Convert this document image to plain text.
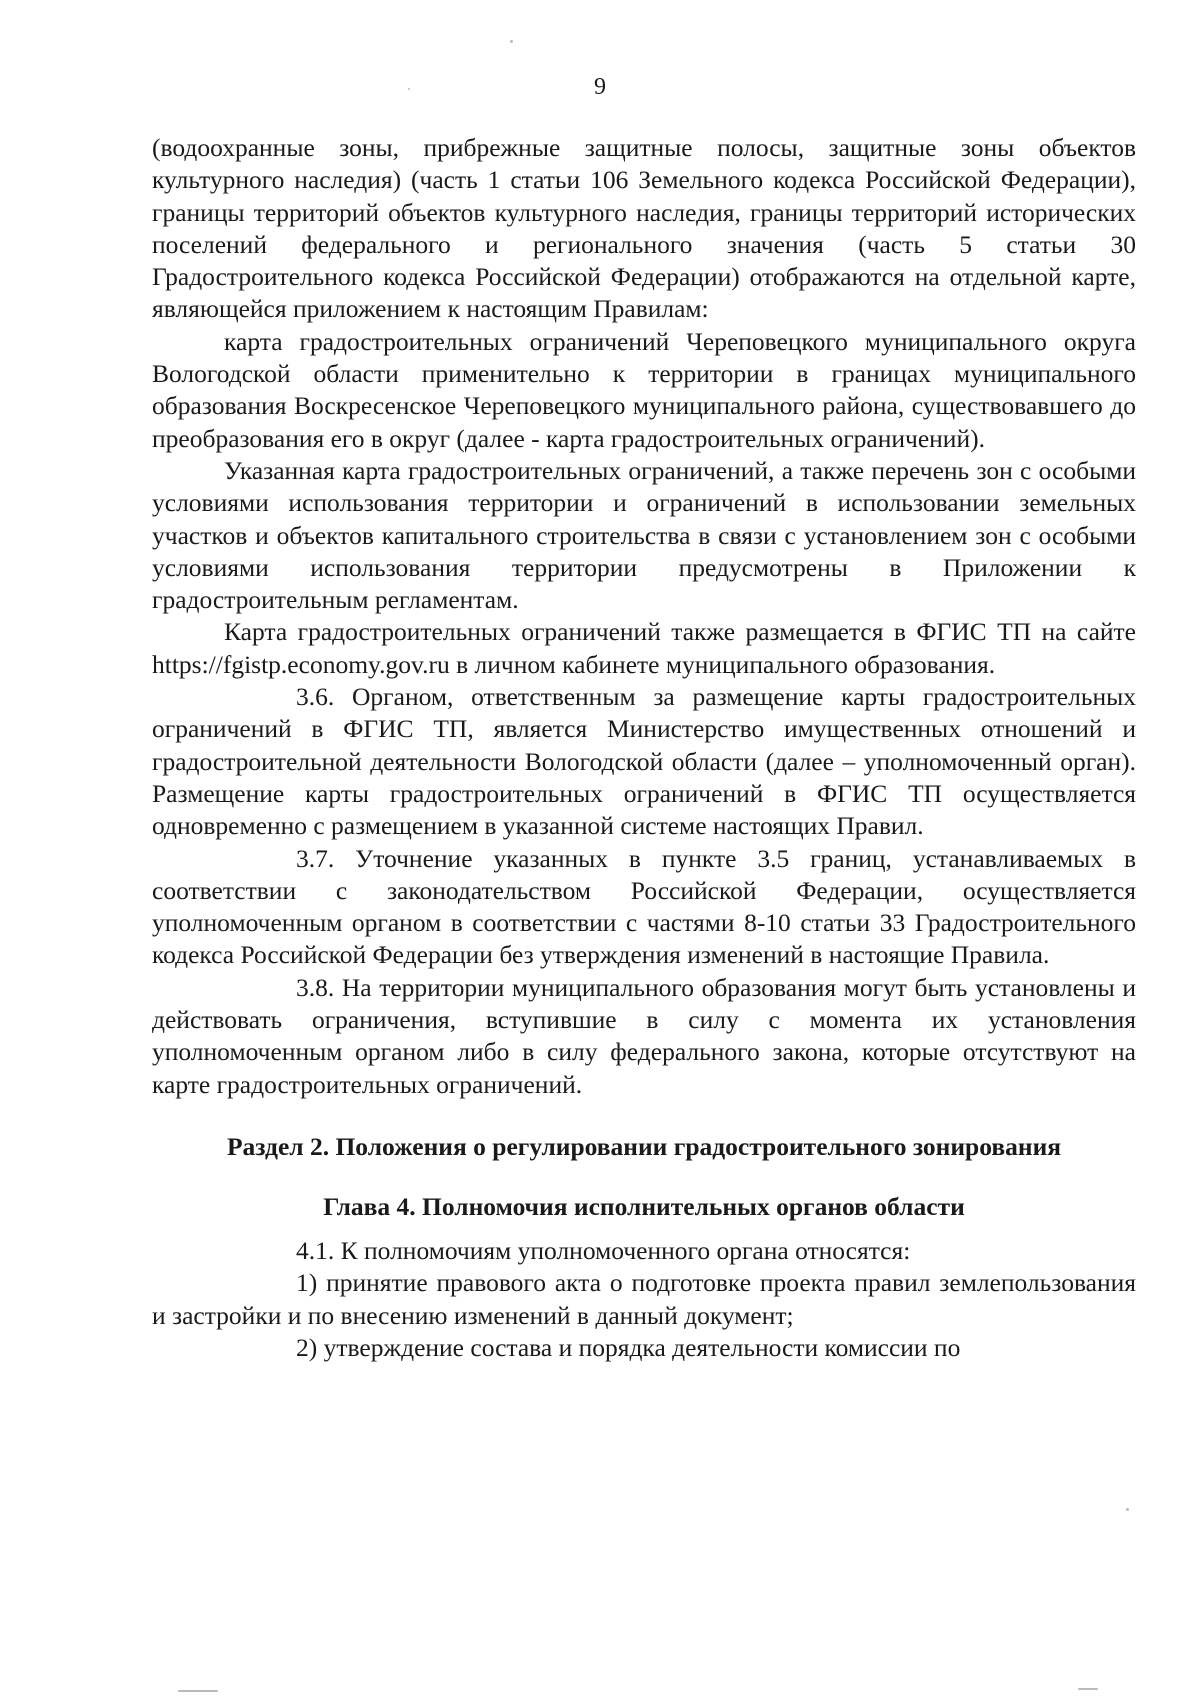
9

(водоохранные зоны, прибрежные защитные полосы, защитные зоны объектов культурного наследия) (часть 1 статьи 106 Земельного кодекса Российской Федерации), границы территорий объектов культурного наследия, границы территорий исторических поселений федерального и регионального значения (часть 5 статьи 30 Градостроительного кодекса Российской Федерации) отображаются на отдельной карте, являющейся приложением к настоящим Правилам:

карта градостроительных ограничений Череповецкого муниципального округа Вологодской области применительно к территории в границах муниципального образования Воскресенское Череповецкого муниципального района, существовавшего до преобразования его в округ (далее - карта градостроительных ограничений).

Указанная карта градостроительных ограничений, а также перечень зон с особыми условиями использования территории и ограничений в использовании земельных участков и объектов капитального строительства в связи с установлением зон с особыми условиями использования территории предусмотрены в Приложении к градостроительным регламентам.

Карта градостроительных ограничений также размещается в ФГИС ТП на сайте https://fgistp.economy.gov.ru в личном кабинете муниципального образования.

3.6. Органом, ответственным за размещение карты градостроительных ограничений в ФГИС ТП, является Министерство имущественных отношений и градостроительной деятельности Вологодской области (далее – уполномоченный орган). Размещение карты градостроительных ограничений в ФГИС ТП осуществляется одновременно с размещением в указанной системе настоящих Правил.

3.7. Уточнение указанных в пункте 3.5 границ, устанавливаемых в соответствии с законодательством Российской Федерации, осуществляется уполномоченным органом в соответствии с частями 8-10 статьи 33 Градостроительного кодекса Российской Федерации без утверждения изменений в настоящие Правила.

3.8. На территории муниципального образования могут быть установлены и действовать ограничения, вступившие в силу с момента их установления уполномоченным органом либо в силу федерального закона, которые отсутствуют на карте градостроительных ограничений.

Раздел 2. Положения о регулировании градостроительного зонирования
Глава 4. Полномочия исполнительных органов области

4.1. К полномочиям уполномоченного органа относятся:

1) принятие правового акта о подготовке проекта правил землепользования и застройки и по внесению изменений в данный документ;

2) утверждение состава и порядка деятельности комиссии по
